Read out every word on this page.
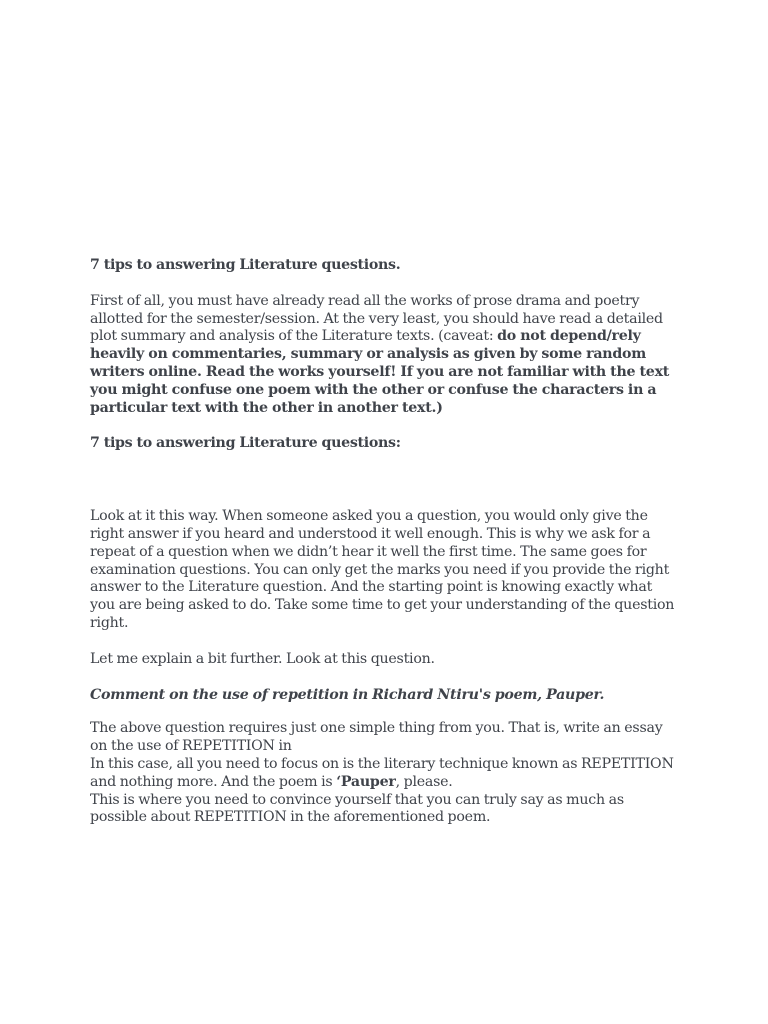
7 tips to answering Literature questions.

First of all, you must have already read all the works of prose drama and poetry allotted for the semester/session. At the very least, you should have read a detailed plot summary and analysis of the Literature texts. (caveat: do not depend/rely heavily on commentaries, summary or analysis as given by some random writers online. Read the works yourself! If you are not familiar with the text you might confuse one poem with the other or confuse the characters in a particular text with the other in another text.)

7 tips to answering Literature questions:

Look at it this way. When someone asked you a question, you would only give the right answer if you heard and understood it well enough. This is why we ask for a repeat of a question when we didn’t hear it well the first time. The same goes for examination questions. You can only get the marks you need if you provide the right answer to the Literature question. And the starting point is knowing exactly what you are being asked to do. Take some time to get your understanding of the question right.

Let me explain a bit further. Look at this question.

Comment on the use of repetition in Richard Ntiru's poem, Pauper.

The above question requires just one simple thing from you. That is, write an essay on the use of REPETITION in

In this case, all you need to focus on is the literary technique known as REPETITION and nothing more. And the poem is ‘Pauper, please.

This is where you need to convince yourself that you can truly say as much as possible about REPETITION in the aforementioned poem.
